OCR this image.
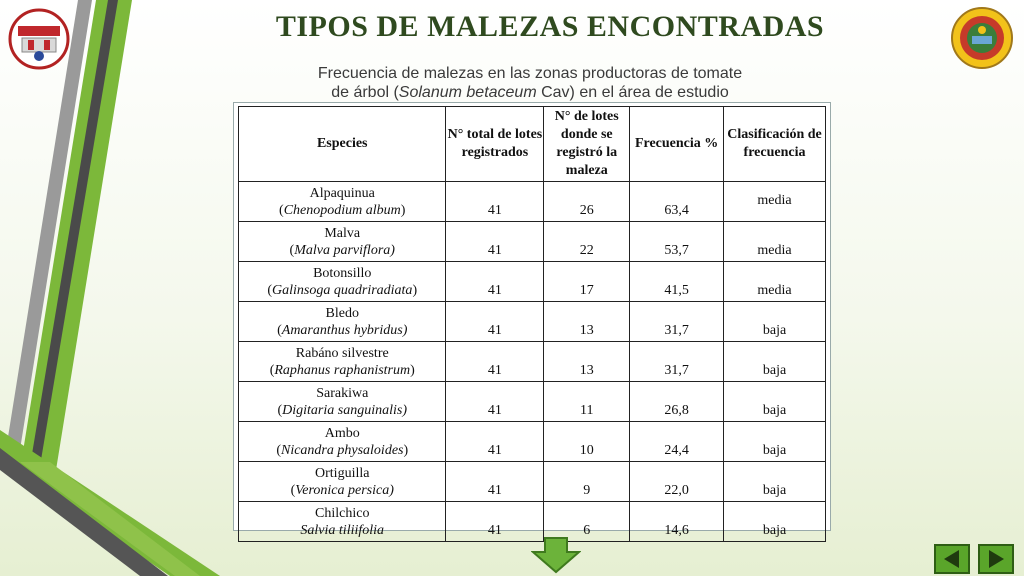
TIPOS DE MALEZAS ENCONTRADAS
Frecuencia de malezas en las zonas productoras de tomate
de árbol (Solanum betaceum Cav) en el área de estudio
Especies	N° total de lotes registrados	N° de lotes donde se registró la maleza	Frecuencia %	Clasificación de frecuencia

Alpaquinua
(Chenopodium album)	41	26	63,4	media

Malva
(Malva parviflora)	41	22	53,7	media

Botonsillo
(Galinsoga quadriradiata)	41	17	41,5	media

Bledo
(Amaranthus hybridus)	41	13	31,7	baja

Rabáno silvestre
(Raphanus raphanistrum)	41	13	31,7	baja

Sarakiwa
(Digitaria sanguinalis)	41	11	26,8	baja

Ambo
(Nicandra physaloides)	41	10	24,4	baja

Ortiguilla
(Veronica persica)	41	9	22,0	baja

Chilchico
Salvia tiliifolia	41	6	14,6	baja
